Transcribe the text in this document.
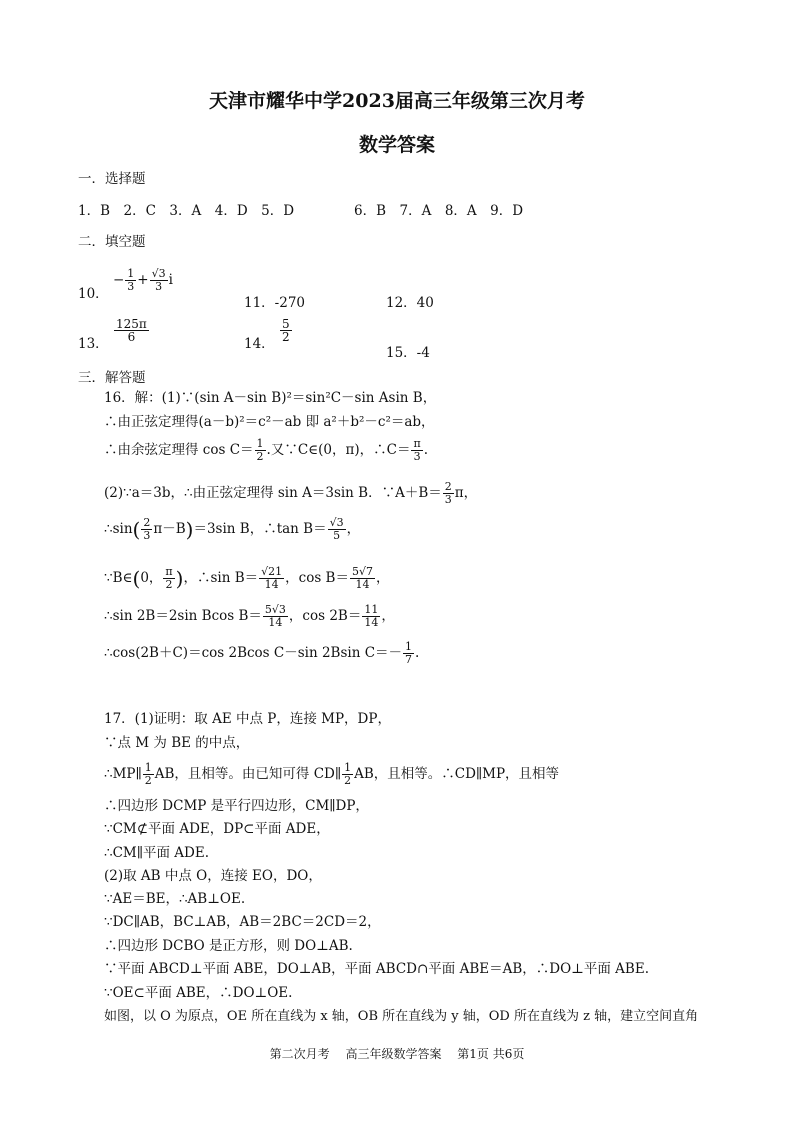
天津市耀华中学2023届高三年级第三次月考
数学答案
一．选择题
1．B　2．C　3．A　4．D　5．D	6．B　7．A　8．A　9．D
二．填空题
10． − $\frac{1}{3} + \frac{√3}{3}$ i
11．-270	12．40
13．
$\frac{125\pi}{6}$
14．
$\frac{5}{2}$
15．-4
三．解答题
16．解：(1)∵(sin A－sin B)²＝sin²C－sin Asin B，
∴由正弦定理得(a－b)²＝c²－ab 即 a²＋b²－c²＝ab，
∴由余弦定理得 $\cos C= \frac{1}{2}$ .又∵C∈(0，π)，∴C＝ $\frac{\pi}{3}$ .
(2)∵a＝3b，∴由正弦定理得 sin A＝3sin B．∵A＋B＝ $\frac{2}{3}$ π，
∴sin( $\frac{2}{3} \pi-B)=3\sin$ B，∴tan $B= \frac{√3}{5}$ ，
∵B∈(0， $\frac{\pi}{2}$ )，∴sin $B= \frac{√21}{14}$ ，$\cos B= \frac{5√7}{14}$ ，
∴sin 2B＝2sin Bcos $B= \frac{5√3}{14}$ ，$\cos 2B= \frac{11}{14}$ ，
∴cos(2B＋C)＝cos 2Bcos C－sin 2Bsin $C=- \frac{1}{7}$ .
17．(1)证明：取 AE 中点 P，连接 MP，DP，
∵点 M 为 BE 的中点，
∴MP∥ $\frac{1}{2}$ AB，且相等。由已知可得 CD∥ $\frac{1}{2}$ AB，且相等。∴CD∥MP，且相等
∴四边形 DCMP 是平行四边形，CM∥DP，
∵CM⊄平面 ADE，DP⊂平面 ADE，
∴CM∥平面 ADE.
(2)取 AB 中点 O，连接 EO，DO，
∵AE＝BE，∴AB⊥OE.
∵DC∥AB，BC⊥AB，AB＝2BC＝2CD＝2，
∴四边形 DCBO 是正方形，则 DO⊥AB.
∵平面 ABCD⊥平面 ABE，DO⊥AB，平面 ABCD∩平面 ABE＝AB，∴DO⊥平面 ABE.
∵OE⊂平面 ABE，∴DO⊥OE.
如图，以 O 为原点，OE 所在直线为 x 轴，OB 所在直线为 y 轴，OD 所在直线为 z 轴，建立空间直角
第二次月考　 高三年级数学答案　 第1页 共6页
